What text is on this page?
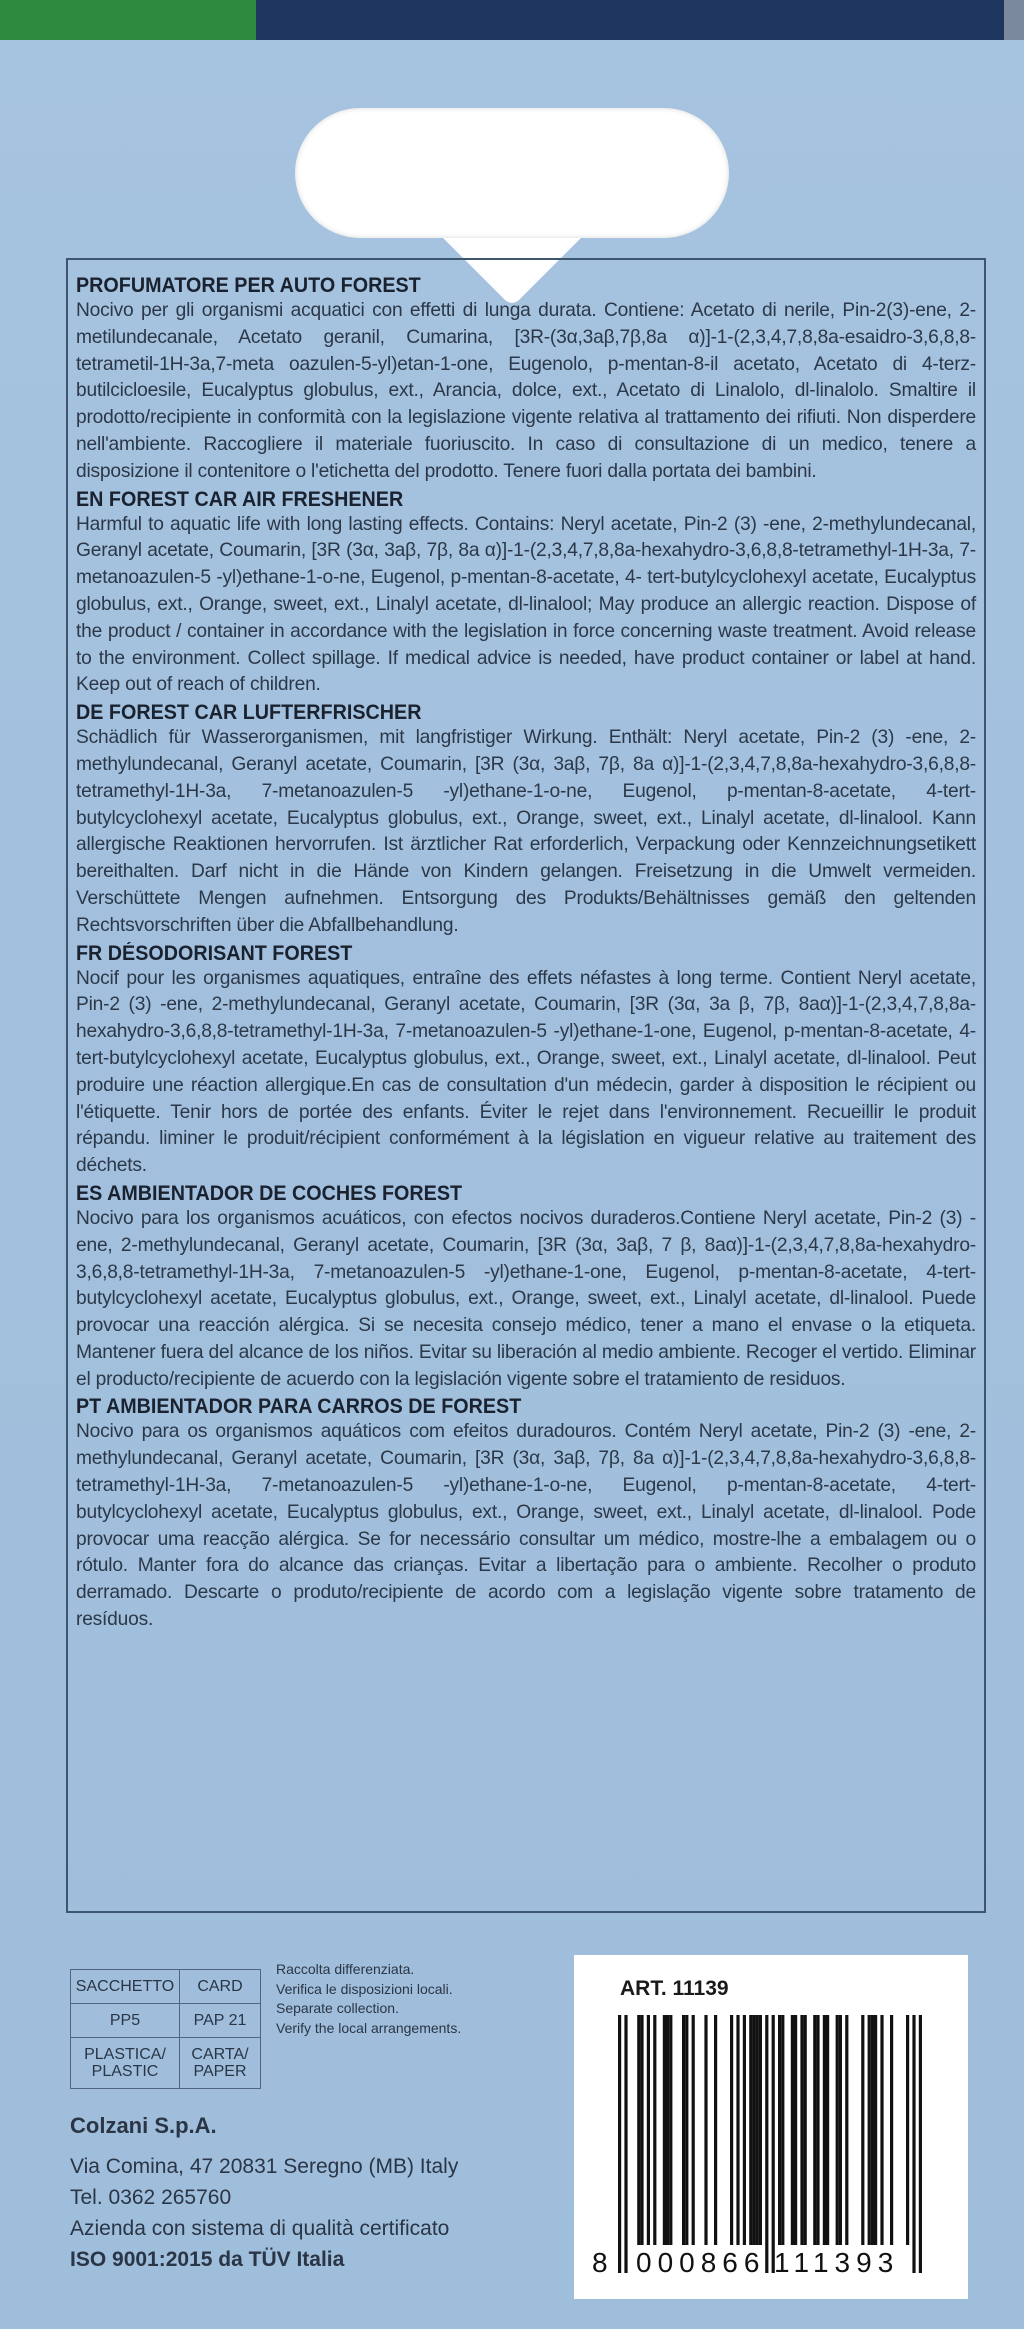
PROFUMATORE PER AUTO FOREST

Nocivo per gli organismi acquatici con effetti di lunga durata. Contiene: Acetato di nerile, Pin-2(3)-ene, 2-metilundecanale, Acetato geranil, Cumarina, [3R-(3α,3aβ,7β,8a α)]-1-(2,3,4,7,8,8a-esaidro-3,6,8,8-tetrametil-1H-3a,7-meta oazulen-5-yl)etan-1-one, Eugenolo, p-mentan-8-il acetato, Acetato di 4-terz-butilcicloesile, Eucalyptus globulus, ext., Arancia, dolce, ext., Acetato di Linalolo, dl-linalolo. Smaltire il prodotto/recipiente in conformità con la legislazione vigente relativa al trattamento dei rifiuti. Non disperdere nell'ambiente. Raccogliere il materiale fuoriuscito. In caso di consultazione di un medico, tenere a disposizione il contenitore o l'etichetta del prodotto. Tenere fuori dalla portata dei bambini.

EN FOREST CAR AIR FRESHENER

Harmful to aquatic life with long lasting effects. Contains: Neryl acetate, Pin-2 (3) -ene, 2-methylundecanal, Geranyl acetate, Coumarin, [3R (3α, 3aβ, 7β, 8a α)]-1-(2,3,4,7,8,8a-hexahydro-3,6,8,8-tetramethyl-1H-3a, 7-metanoazulen-5 -yl)ethane-1-o-ne, Eugenol, p-mentan-8-acetate, 4- tert-butylcyclohexyl acetate, Eucalyptus globulus, ext., Orange, sweet, ext., Linalyl acetate, dl-linalool; May produce an allergic reaction. Dispose of the product / container in accordance with the legislation in force concerning waste treatment. Avoid release to the environment. Collect spillage. If medical advice is needed, have product container or label at hand. Keep out of reach of children.

DE FOREST CAR LUFTERFRISCHER

Schädlich für Wasserorganismen, mit langfristiger Wirkung. Enthält: Neryl acetate, Pin-2 (3) -ene, 2-methylundecanal, Geranyl acetate, Coumarin, [3R (3α, 3aβ, 7β, 8a α)]-1-(2,3,4,7,8,8a-hexahydro-3,6,8,8-tetramethyl-1H-3a, 7-metanoazulen-5 -yl)ethane-1-o-ne, Eugenol, p-mentan-8-acetate, 4-tert-butylcyclohexyl acetate, Eucalyptus globulus, ext., Orange, sweet, ext., Linalyl acetate, dl-linalool. Kann allergische Reaktionen hervorrufen. Ist ärztlicher Rat erforderlich, Verpackung oder Kennzeichnungsetikett bereithalten. Darf nicht in die Hände von Kindern gelangen. Freisetzung in die Umwelt vermeiden. Verschüttete Mengen aufnehmen. Entsorgung des Produkts/Behältnisses gemäß den geltenden Rechtsvorschriften über die Abfallbehandlung.

FR DÉSODORISANT FOREST

Nocif pour les organismes aquatiques, entraîne des effets néfastes à long terme. Contient Neryl acetate, Pin-2 (3) -ene, 2-methylundecanal, Geranyl acetate, Coumarin, [3R (3α, 3a β, 7β, 8aα)]-1-(2,3,4,7,8,8a-hexahydro-3,6,8,8-tetramethyl-1H-3a, 7-metanoazulen-5 -yl)ethane-1-one, Eugenol, p-mentan-8-acetate, 4-tert-butylcyclohexyl acetate, Eucalyptus globulus, ext., Orange, sweet, ext., Linalyl acetate, dl-linalool. Peut produire une réaction allergique.En cas de consultation d'un médecin, garder à disposition le récipient ou l'étiquette. Tenir hors de portée des enfants. Éviter le rejet dans l'environnement. Recueillir le produit répandu. liminer le produit/récipient conformément à la législation en vigueur relative au traitement des déchets.

ES AMBIENTADOR DE COCHES FOREST

Nocivo para los organismos acuáticos, con efectos nocivos duraderos.Contiene Neryl acetate, Pin-2 (3) -ene, 2-methylundecanal, Geranyl acetate, Coumarin, [3R (3α, 3aβ, 7 β, 8aα)]-1-(2,3,4,7,8,8a-hexahydro-3,6,8,8-tetramethyl-1H-3a, 7-metanoazulen-5 -yl)ethane-1-one, Eugenol, p-mentan-8-acetate, 4-tert-butylcyclohexyl acetate, Eucalyptus globulus, ext., Orange, sweet, ext., Linalyl acetate, dl-linalool. Puede provocar una reacción alérgica. Si se necesita consejo médico, tener a mano el envase o la etiqueta. Mantener fuera del alcance de los niños. Evitar su liberación al medio ambiente. Recoger el vertido. Eliminar el producto/recipiente de acuerdo con la legislación vigente sobre el tratamiento de residuos.

PT AMBIENTADOR PARA CARROS DE FOREST

Nocivo para os organismos aquáticos com efeitos duradouros. Contém Neryl acetate, Pin-2 (3) -ene, 2-methylundecanal, Geranyl acetate, Coumarin, [3R (3α, 3aβ, 7β, 8a α)]-1-(2,3,4,7,8,8a-hexahydro-3,6,8,8-tetramethyl-1H-3a, 7-metanoazulen-5 -yl)ethane-1-o-ne, Eugenol, p-mentan-8-acetate, 4-tert-butylcyclohexyl acetate, Eucalyptus globulus, ext., Orange, sweet, ext., Linalyl acetate, dl-linalool. Pode provocar uma reacção alérgica. Se for necessário consultar um médico, mostre-lhe a embalagem ou o rótulo. Manter fora do alcance das crianças. Evitar a libertação para o ambiente. Recolher o produto derramado. Descarte o produto/recipiente de acordo com a legislação vigente sobre tratamento de resíduos.

SACCHETTO	CARD
PP5	PAP 21
PLASTICA/ PLASTIC	CARTA/ PAPER
Raccolta differenziata.
Verifica le disposizioni locali.
Separate collection.
Verify the local arrangements.
Colzani S.p.A.
Via Comina, 47 20831 Seregno (MB) Italy
Tel. 0362 265760
Azienda con sistema di qualità certificato
ISO 9001:2015 da TÜV Italia
ART. 11139
8 000866 111393
